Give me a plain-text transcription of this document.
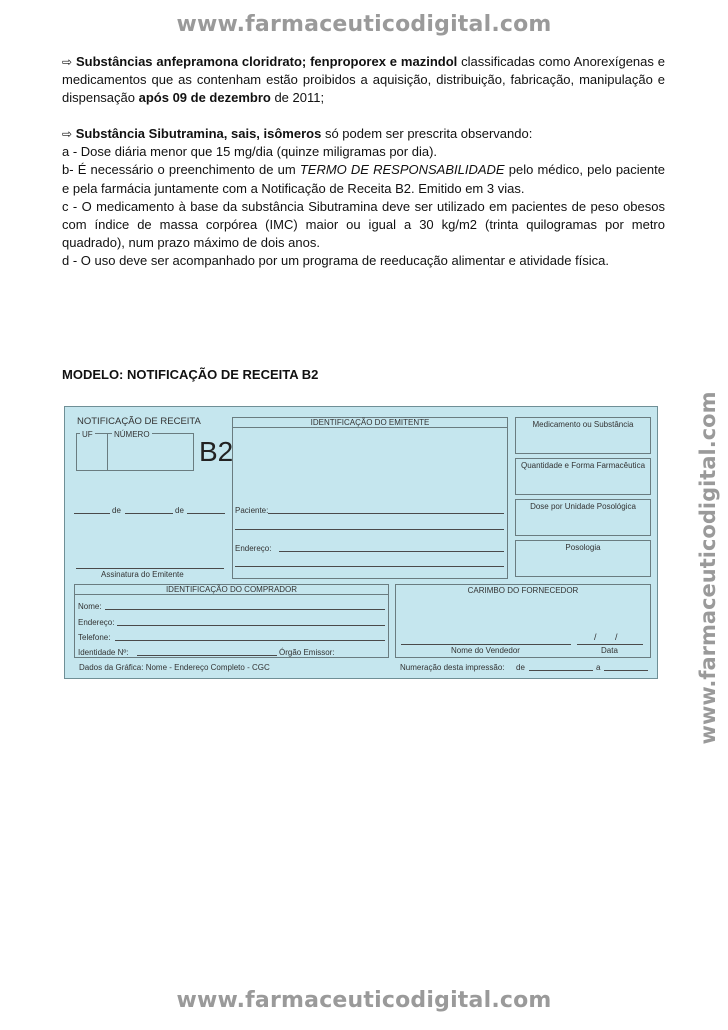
www.farmaceuticodigital.com
www.farmaceuticodigital.com
www.farmaceuticodigital.com

⇨ Substâncias anfepramona cloridrato; fenproporex e mazindol classificadas como Anorexígenas e medicamentos que as contenham estão proibidos a aquisição, distribuição, fabricação, manipulação e dispensação após 09 de dezembro de 2011;

⇨ Substância Sibutramina, sais, isômeros só podem ser prescrita observando:

a - Dose diária menor que 15 mg/dia (quinze miligramas por dia).

b- É necessário o preenchimento de um TERMO DE RESPONSABILIDADE pelo médico, pelo paciente e pela farmácia juntamente com a Notificação de Receita B2. Emitido em 3 vias.

c - O medicamento à base da substância Sibutramina deve ser utilizado em pacientes de peso obesos com índice de massa corpórea (IMC) maior ou igual a 30 kg/m2 (trinta quilogramas por metro quadrado), num prazo máximo de dois anos.

d - O uso deve ser acompanhado por um programa de reeducação alimentar e atividade física.

MODELO: NOTIFICAÇÃO DE RECEITA B2
NOTIFICAÇÃO DE RECEITA
UF	NÚMERO
B2
de	de
Assinatura do Emitente
IDENTIFICAÇÃO DO EMITENTE
Paciente:
Endereço:
Medicamento ou Substância
Quantidade e Forma Farmacêutica
Dose por Unidade Posológica
Posologia
IDENTIFICAÇÃO DO COMPRADOR
Nome:
Endereço:
Telefone:
Identidade Nº:	Órgão Emissor:
CARIMBO DO FORNECEDOR
Nome do Vendedor
/ /
Data
Dados da Gráfica: Nome - Endereço Completo - CGC	Numeração desta impressão: de	a
